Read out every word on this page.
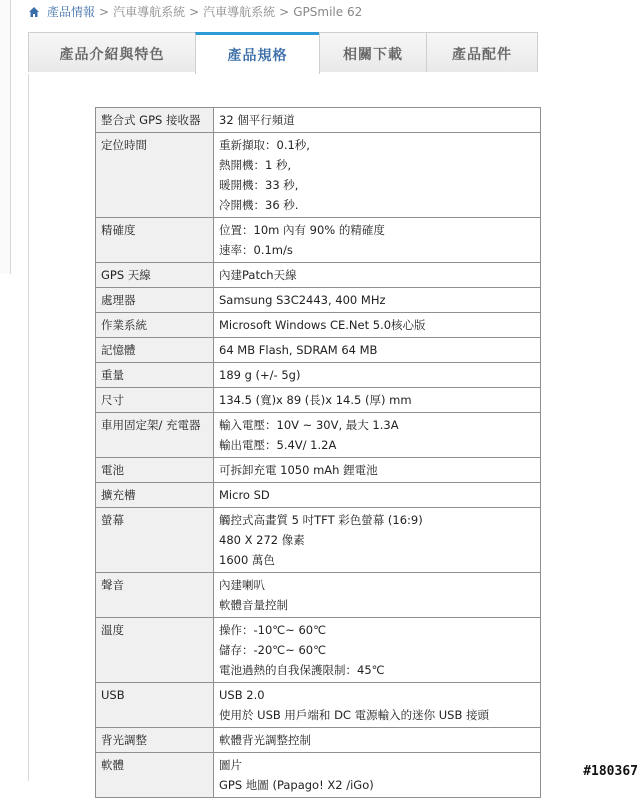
產品情報 > 汽車導航系統 > 汽車導航系統 > GPSmile 62
產品介紹與特色	產品規格	相關下載	產品配件
整合式 GPS 接收器	32 個平行頻道

定位時間	重新擷取：0.1秒,
熱開機：1 秒,
暖開機：33 秒,
冷開機：36 秒.

精確度	位置：10m 內有 90% 的精確度
速率：0.1m/s

GPS 天線	內建Patch天線

處理器	Samsung S3C2443, 400 MHz

作業系統	Microsoft Windows CE.Net 5.0核心版

記憶體	64 MB Flash, SDRAM 64 MB

重量	189 g (+/- 5g)

尺寸	134.5 (寬)x 89 (長)x 14.5 (厚) mm

車用固定架/ 充電器	輸入電壓：10V ~ 30V, 最大 1.3A
輸出電壓：5.4V/ 1.2A

電池	可拆卸充電 1050 mAh 鋰電池

擴充槽	Micro SD

螢幕	觸控式高畫質 5 吋TFT 彩色螢幕 (16:9)
480 X 272 像素
1600 萬色

聲音	內建喇叭
軟體音量控制

溫度	操作：-10℃~ 60℃
儲存：-20℃~ 60℃
電池過熱的自我保護限制：45℃

USB	USB 2.0
使用於 USB 用戶端和 DC 電源輸入的迷你 USB 接頭

背光調整	軟體背光調整控制

軟體	圖片
GPS 地圖 (Papago! X2 /iGo)
#180367
